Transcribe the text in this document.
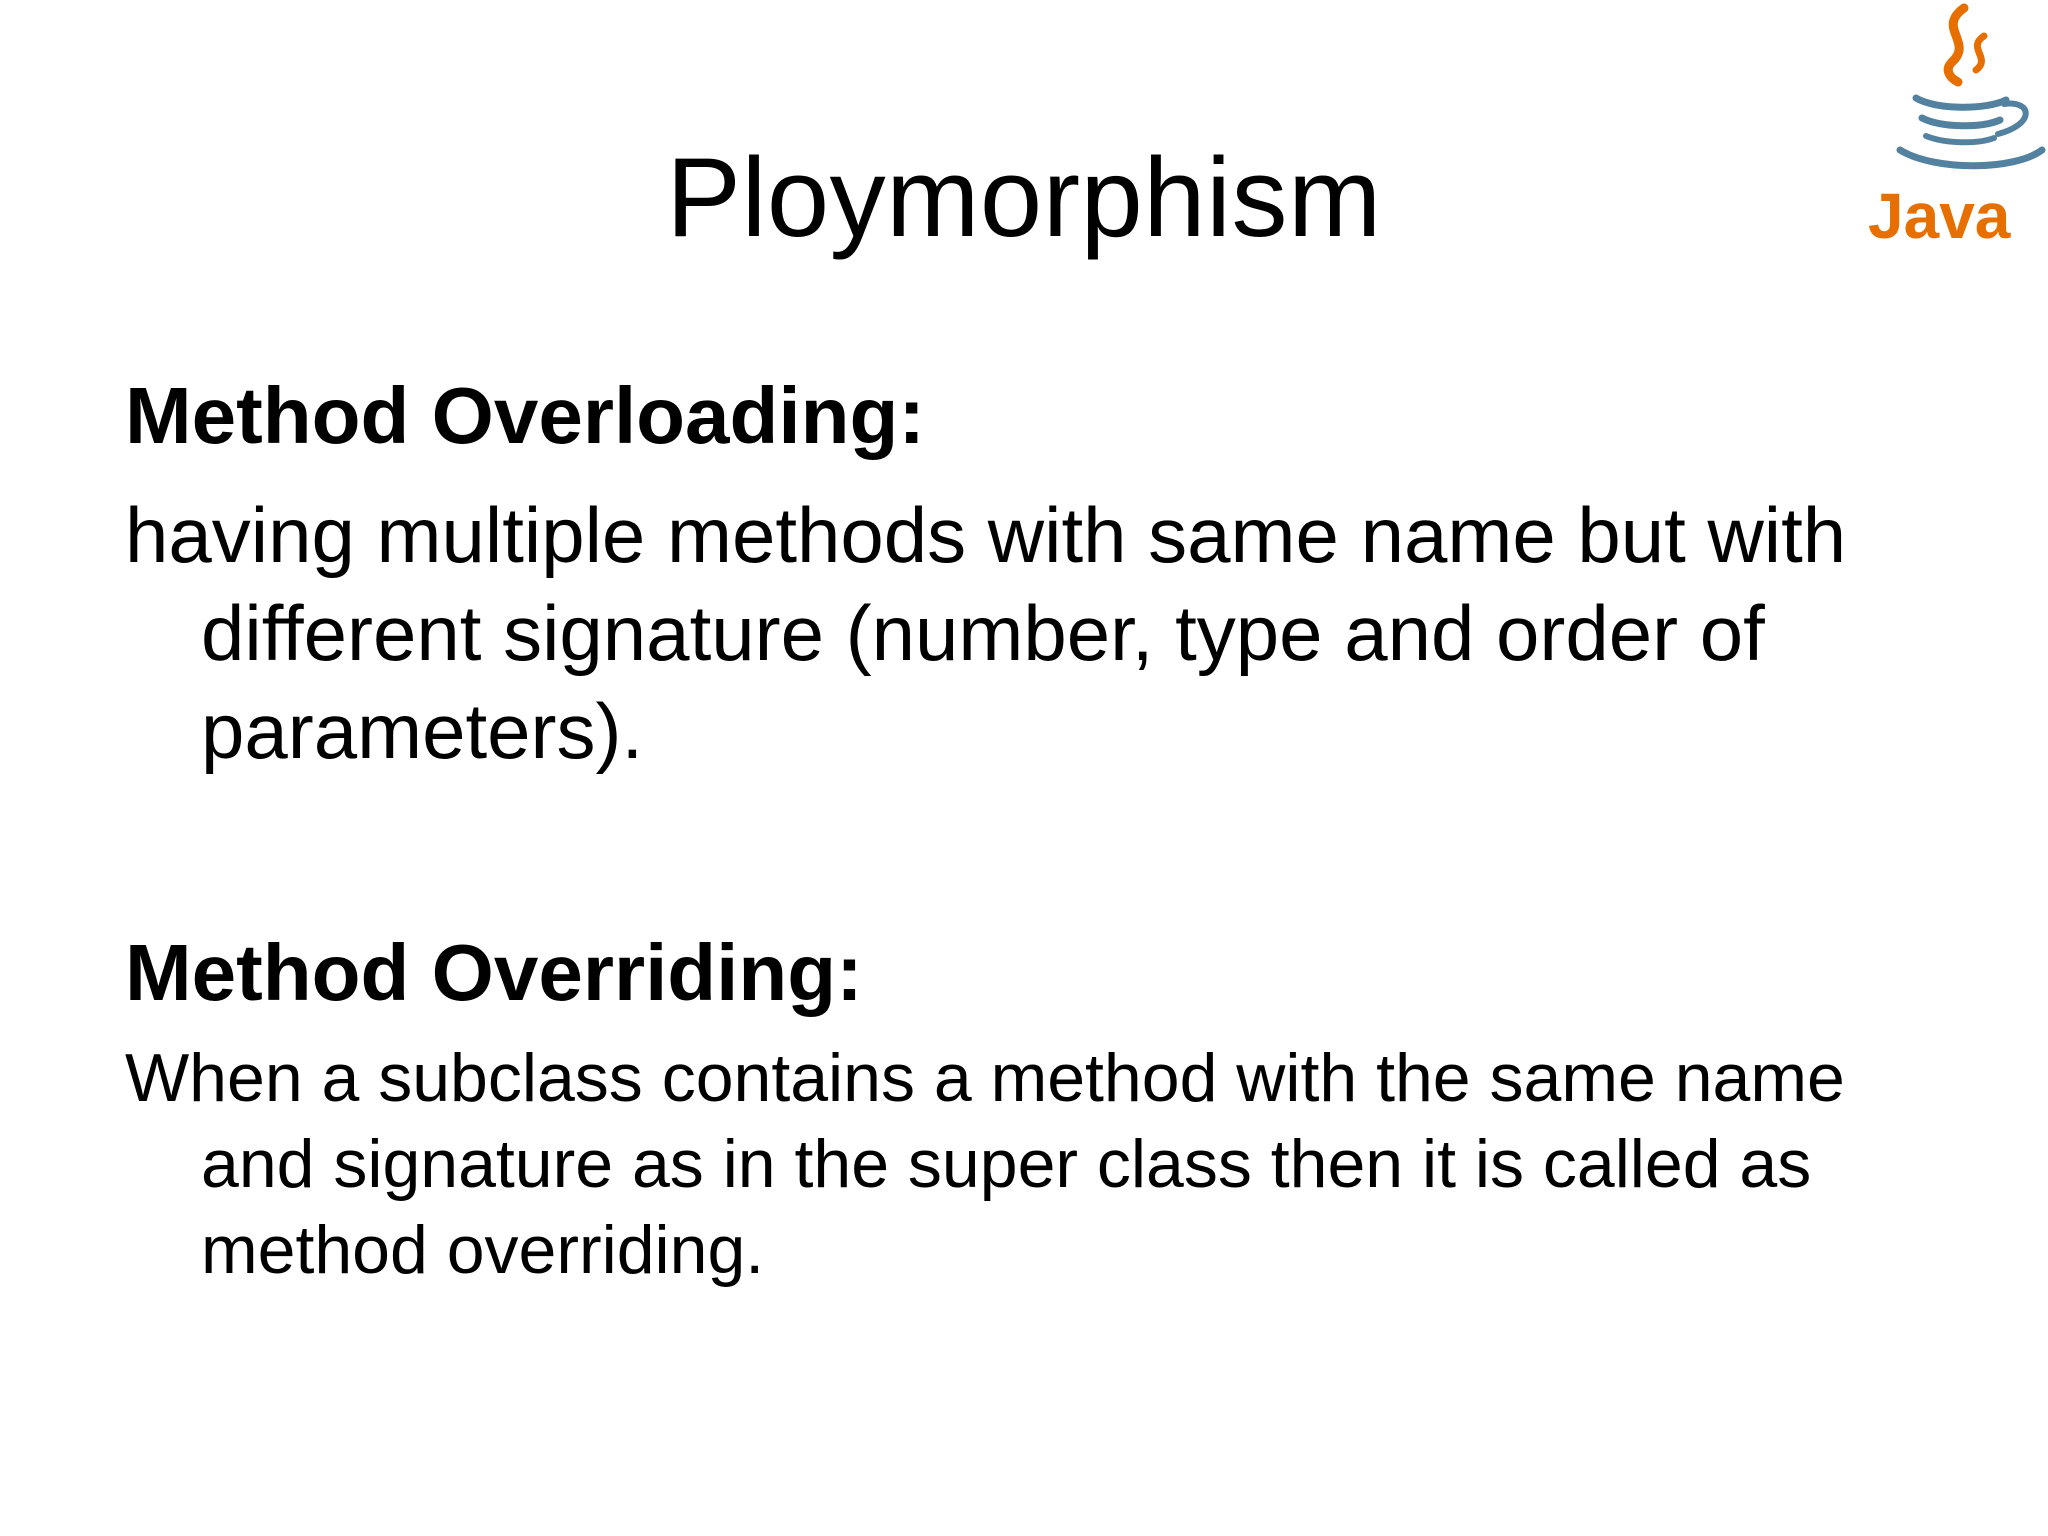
Ploymorphism	Java

Method Overloading:

having multiple methods with same name but with different signature (number, type and order of parameters).

Method Overriding:

When a subclass contains a method with the same name and signature as in the super class then it is called as method overriding.
